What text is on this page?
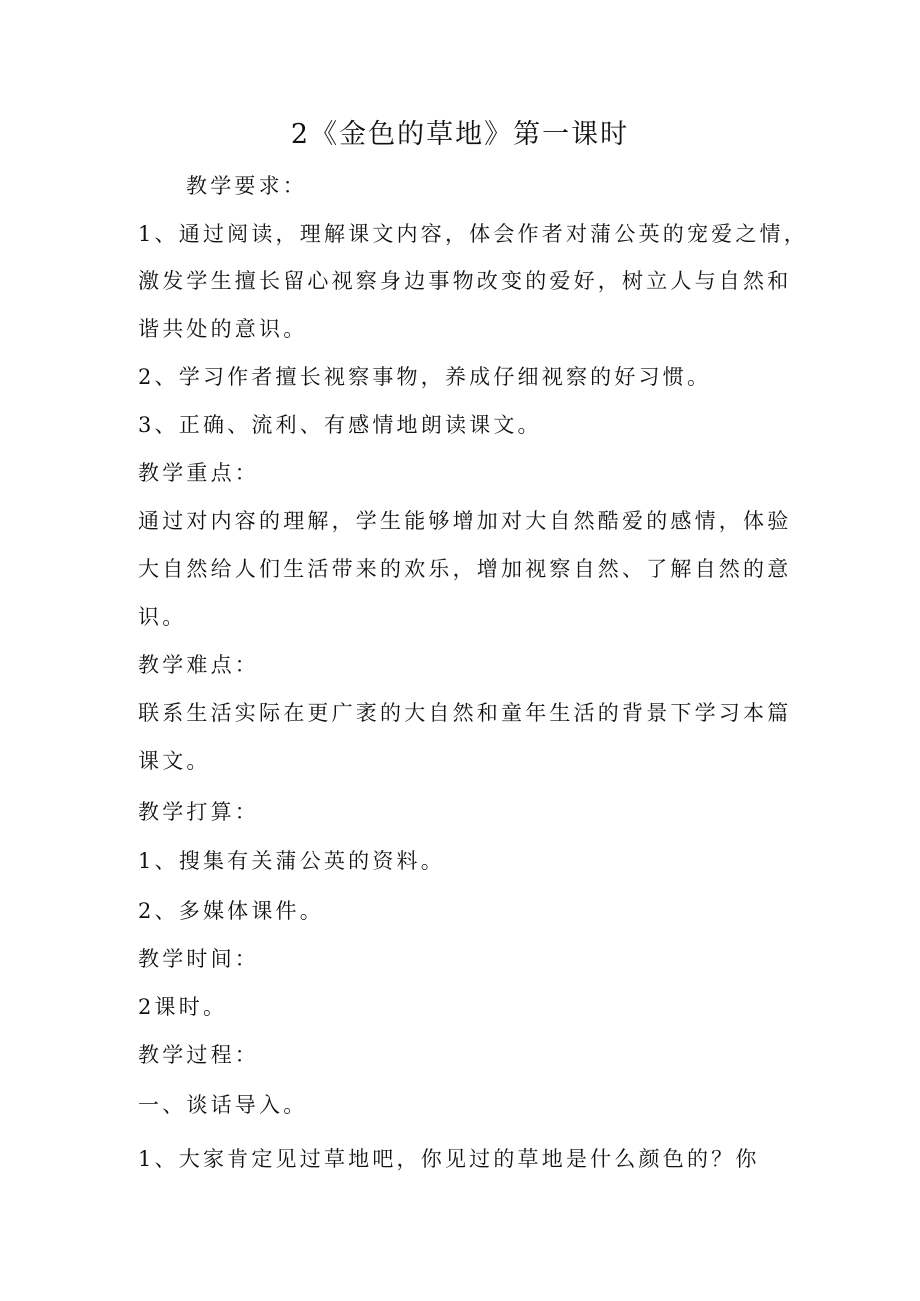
2《金色的草地》第一课时

教学要求：

1、通过阅读，理解课文内容，体会作者对蒲公英的宠爱之情，

激发学生擅长留心视察身边事物改变的爱好，树立人与自然和

谐共处的意识。

2、学习作者擅长视察事物，养成仔细视察的好习惯。

3、正确、流利、有感情地朗读课文。

教学重点：

通过对内容的理解，学生能够增加对大自然酷爱的感情，体验

大自然给人们生活带来的欢乐，增加视察自然、了解自然的意

识。

教学难点：

联系生活实际在更广袤的大自然和童年生活的背景下学习本篇

课文。

教学打算：

1、搜集有关蒲公英的资料。

2、多媒体课件。

教学时间：

2课时。

教学过程：

一、谈话导入。

1、大家肯定见过草地吧，你见过的草地是什么颜色的？你
